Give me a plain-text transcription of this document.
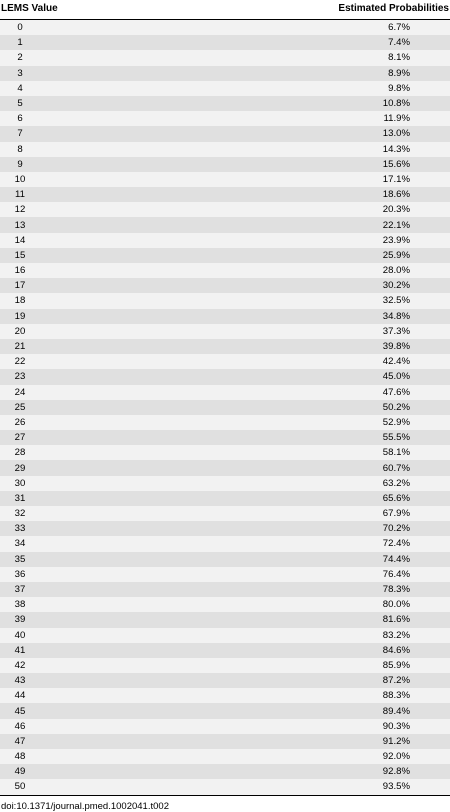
LEMS Value	Estimated Probabilities
0	6.7%
1	7.4%
2	8.1%
3	8.9%
4	9.8%
5	10.8%
6	11.9%
7	13.0%
8	14.3%
9	15.6%
10	17.1%
11	18.6%
12	20.3%
13	22.1%
14	23.9%
15	25.9%
16	28.0%
17	30.2%
18	32.5%
19	34.8%
20	37.3%
21	39.8%
22	42.4%
23	45.0%
24	47.6%
25	50.2%
26	52.9%
27	55.5%
28	58.1%
29	60.7%
30	63.2%
31	65.6%
32	67.9%
33	70.2%
34	72.4%
35	74.4%
36	76.4%
37	78.3%
38	80.0%
39	81.6%
40	83.2%
41	84.6%
42	85.9%
43	87.2%
44	88.3%
45	89.4%
46	90.3%
47	91.2%
48	92.0%
49	92.8%
50	93.5%
doi:10.1371/journal.pmed.1002041.t002
